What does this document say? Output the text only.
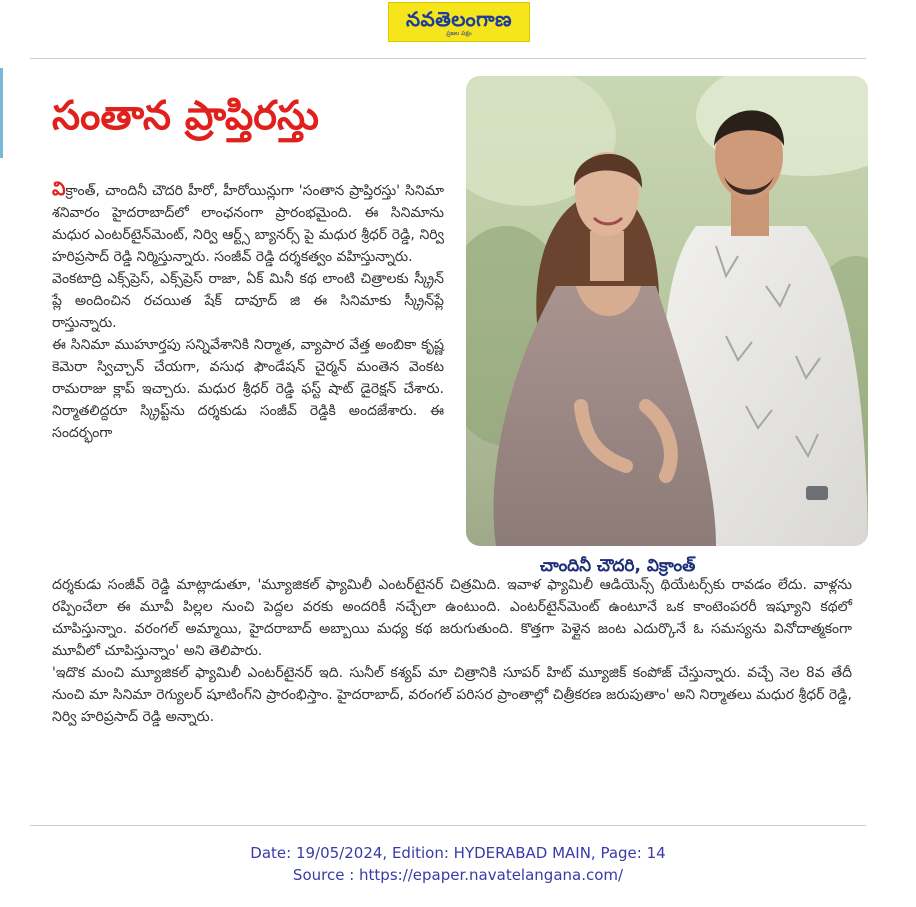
నవతెలంగాణ
ప్రజల పక్షం
సంతాన ప్రాప్తిరస్తు

విక్రాంత్, చాందినీ చౌదరి హీరో, హీరోయిన్లుగా 'సంతాన ప్రాప్తిరస్తు' సినిమా శనివారం హైదరాబాద్‌లో లాంఛనంగా ప్రారంభమైంది. ఈ సినిమాను మధుర ఎంటర్‌టైన్‌మెంట్, నిర్వి ఆర్ట్స్ బ్యానర్స్ పై మధుర శ్రీధర్ రెడ్డి, నిర్వి హరిప్రసాద్ రెడ్డి నిర్మిస్తున్నారు. సంజీవ్ రెడ్డి దర్శకత్వం వహిస్తున్నారు.

వెంకటాద్రి ఎక్స్‌ప్రెస్, ఎక్స్‌ప్రెస్ రాజా, ఏక్ మినీ కథ లాంటి చిత్రాలకు స్క్రీన్ ప్లే అందించిన రచయిత షేక్ దావూద్ జి ఈ సినిమాకు స్క్రీన్‌ప్లే రాస్తున్నారు.

ఈ సినిమా ముహూర్తపు సన్నివేశానికి నిర్మాత, వ్యాపార వేత్త అంబికా కృష్ణ కెమెరా స్విచ్చాన్ చేయగా, వసుధ ఫౌండేషన్ చైర్మన్ మంతెన వెంకట రామరాజు క్లాప్ ఇచ్చారు. మధుర శ్రీధర్ రెడ్డి ఫస్ట్ షాట్ డైరెక్షన్ చేశారు. నిర్మాతలిద్దరూ స్క్రిప్ట్‌ను దర్శకుడు సంజీవ్ రెడ్డికి అందజేశారు. ఈ సందర్భంగా

చాందినీ చౌదరి, విక్రాంత్

దర్శకుడు సంజీవ్ రెడ్డి మాట్లాడుతూ, 'మ్యూజికల్ ఫ్యామిలీ ఎంటర్‌టైనర్ చిత్రమిది. ఇవాళ ఫ్యామిలీ ఆడియెన్స్ థియేటర్స్‌కు రావడం లేదు. వాళ్లను రప్పించేలా ఈ మూవీ పిల్లల నుంచి పెద్దల వరకు అందరికీ నచ్చేలా ఉంటుంది. ఎంటర్‌టైన్‌మెంట్ ఉంటూనే ఒక కాంటెంపరరీ ఇష్యూని కథలో చూపిస్తున్నాం. వరంగల్ అమ్మాయి, హైదరాబాద్ అబ్బాయి మధ్య కథ జరుగుతుంది. కొత్తగా పెళ్లైన జంట ఎదుర్కొనే ఓ సమస్యను వినోదాత్మకంగా మూవీలో చూపిస్తున్నాం' అని తెలిపారు.

'ఇదొక మంచి మ్యూజికల్ ఫ్యామిలీ ఎంటర్‌టైనర్ ఇది. సునీల్ కశ్యప్ మా చిత్రానికి సూపర్ హిట్ మ్యూజిక్ కంపోజ్ చేస్తున్నారు. వచ్చే నెల 8వ తేదీ నుంచి మా సినిమా రెగ్యులర్ షూటింగ్‌ని ప్రారంభిస్తాం. హైదరాబాద్, వరంగల్ పరిసర ప్రాంతాల్లో చిత్రీకరణ జరుపుతాం' అని నిర్మాతలు మధుర శ్రీధర్ రెడ్డి, నిర్వి హరిప్రసాద్ రెడ్డి అన్నారు.

Date: 19/05/2024, Edition: HYDERABAD MAIN, Page: 14
Source : https://epaper.navatelangana.com/
